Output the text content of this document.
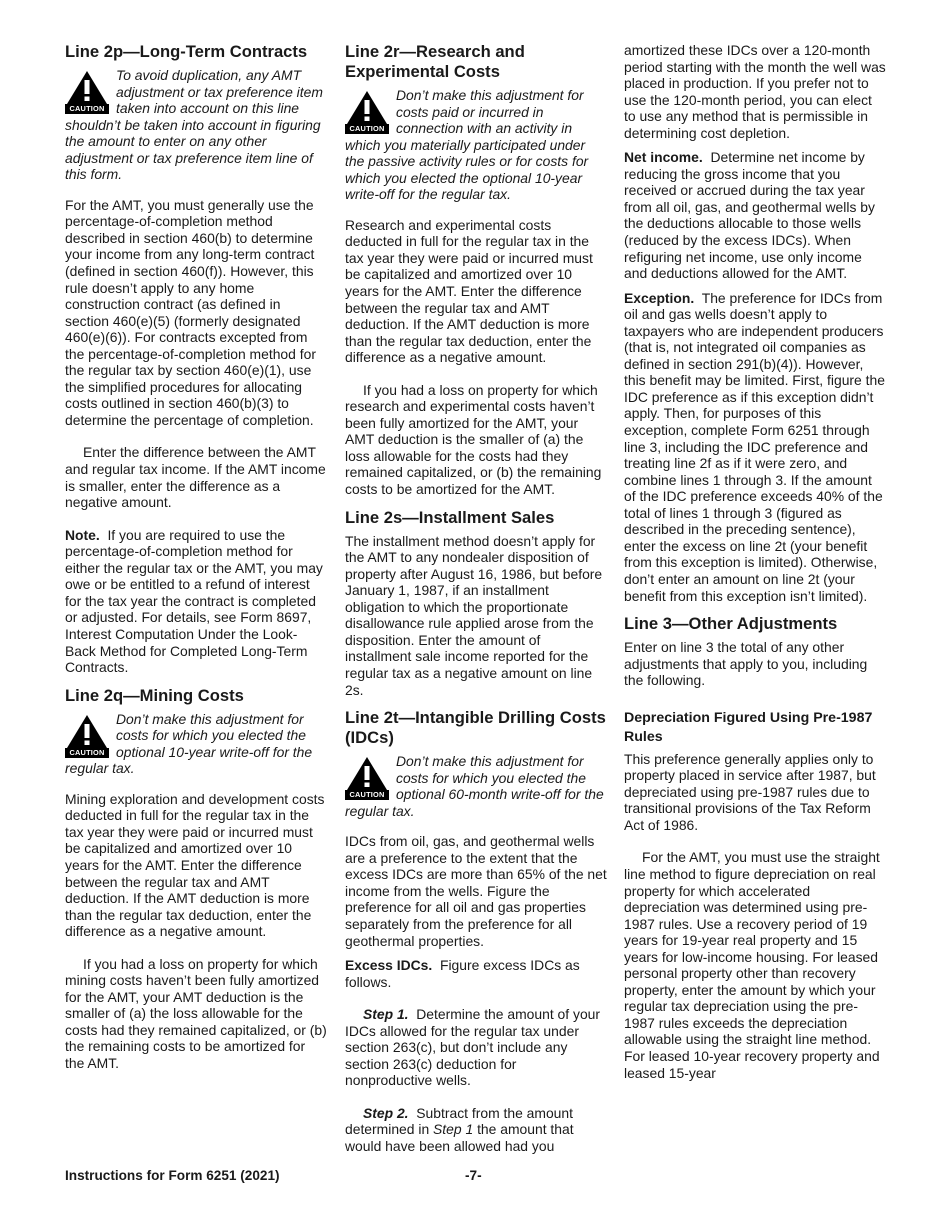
Line 2p—Long-Term Contracts
CAUTION

To avoid duplication, any AMT adjustment or tax preference item taken into account on this line shouldn’t be taken into account in figuring the amount to enter on any other adjustment or tax preference item line of this form.

For the AMT, you must generally use the percentage-of-completion method described in section 460(b) to determine your income from any long-term contract (defined in section 460(f)). However, this rule doesn’t apply to any home construction contract (as defined in section 460(e)(5) (formerly designated 460(e)(6)). For contracts excepted from the percentage-of-completion method for the regular tax by section 460(e)(1), use the simplified procedures for allocating costs outlined in section 460(b)(3) to determine the percentage of completion.

Enter the difference between the AMT and regular tax income. If the AMT income is smaller, enter the difference as a negative amount.

Note. If you are required to use the percentage-of-completion method for either the regular tax or the AMT, you may owe or be entitled to a refund of interest for the tax year the contract is completed or adjusted. For details, see Form 8697, Interest Computation Under the Look-Back Method for Completed Long-Term Contracts.

Line 2q—Mining Costs
CAUTION

Don’t make this adjustment for costs for which you elected the optional 10-year write-off for the regular tax.

Mining exploration and development costs deducted in full for the regular tax in the tax year they were paid or incurred must be capitalized and amortized over 10 years for the AMT. Enter the difference between the regular tax and AMT deduction. If the AMT deduction is more than the regular tax deduction, enter the difference as a negative amount.

If you had a loss on property for which mining costs haven’t been fully amortized for the AMT, your AMT deduction is the smaller of (a) the loss allowable for the costs had they remained capitalized, or (b) the remaining costs to be amortized for the AMT.

Line 2r—Research and Experimental Costs
CAUTION

Don’t make this adjustment for costs paid or incurred in connection with an activity in which you materially participated under the passive activity rules or for costs for which you elected the optional 10-year write-off for the regular tax.

Research and experimental costs deducted in full for the regular tax in the tax year they were paid or incurred must be capitalized and amortized over 10 years for the AMT. Enter the difference between the regular tax and AMT deduction. If the AMT deduction is more than the regular tax deduction, enter the difference as a negative amount.

If you had a loss on property for which research and experimental costs haven’t been fully amortized for the AMT, your AMT deduction is the smaller of (a) the loss allowable for the costs had they remained capitalized, or (b) the remaining costs to be amortized for the AMT.

Line 2s—Installment Sales

The installment method doesn’t apply for the AMT to any nondealer disposition of property after August 16, 1986, but before January 1, 1987, if an installment obligation to which the proportionate disallowance rule applied arose from the disposition. Enter the amount of installment sale income reported for the regular tax as a negative amount on line 2s.

Line 2t—Intangible Drilling Costs (IDCs)
CAUTION

Don’t make this adjustment for costs for which you elected the optional 60-month write-off for the regular tax.

IDCs from oil, gas, and geothermal wells are a preference to the extent that the excess IDCs are more than 65% of the net income from the wells. Figure the preference for all oil and gas properties separately from the preference for all geothermal properties.

Excess IDCs. Figure excess IDCs as follows.

Step 1. Determine the amount of your IDCs allowed for the regular tax under section 263(c), but don’t include any section 263(c) deduction for nonproductive wells.

Step 2. Subtract from the amount determined in Step 1 the amount that would have been allowed had you

amortized these IDCs over a 120-month period starting with the month the well was placed in production. If you prefer not to use the 120-month period, you can elect to use any method that is permissible in determining cost depletion.

Net income. Determine net income by reducing the gross income that you received or accrued during the tax year from all oil, gas, and geothermal wells by the deductions allocable to those wells (reduced by the excess IDCs). When refiguring net income, use only income and deductions allowed for the AMT.

Exception. The preference for IDCs from oil and gas wells doesn’t apply to taxpayers who are independent producers (that is, not integrated oil companies as defined in section 291(b)(4)). However, this benefit may be limited. First, figure the IDC preference as if this exception didn’t apply. Then, for purposes of this exception, complete Form 6251 through line 3, including the IDC preference and treating line 2f as if it were zero, and combine lines 1 through 3. If the amount of the IDC preference exceeds 40% of the total of lines 1 through 3 (figured as described in the preceding sentence), enter the excess on line 2t (your benefit from this exception is limited). Otherwise, don’t enter an amount on line 2t (your benefit from this exception isn’t limited).

Line 3—Other Adjustments

Enter on line 3 the total of any other adjustments that apply to you, including the following.

Depreciation Figured Using Pre-1987 Rules

This preference generally applies only to property placed in service after 1987, but depreciated using pre-1987 rules due to transitional provisions of the Tax Reform Act of 1986.

For the AMT, you must use the straight line method to figure depreciation on real property for which accelerated depreciation was determined using pre-1987 rules. Use a recovery period of 19 years for 19-year real property and 15 years for low-income housing. For leased personal property other than recovery property, enter the amount by which your regular tax depreciation using the pre-1987 rules exceeds the depreciation allowable using the straight line method. For leased 10-year recovery property and leased 15-year

Instructions for Form 6251 (2021)	-7-
